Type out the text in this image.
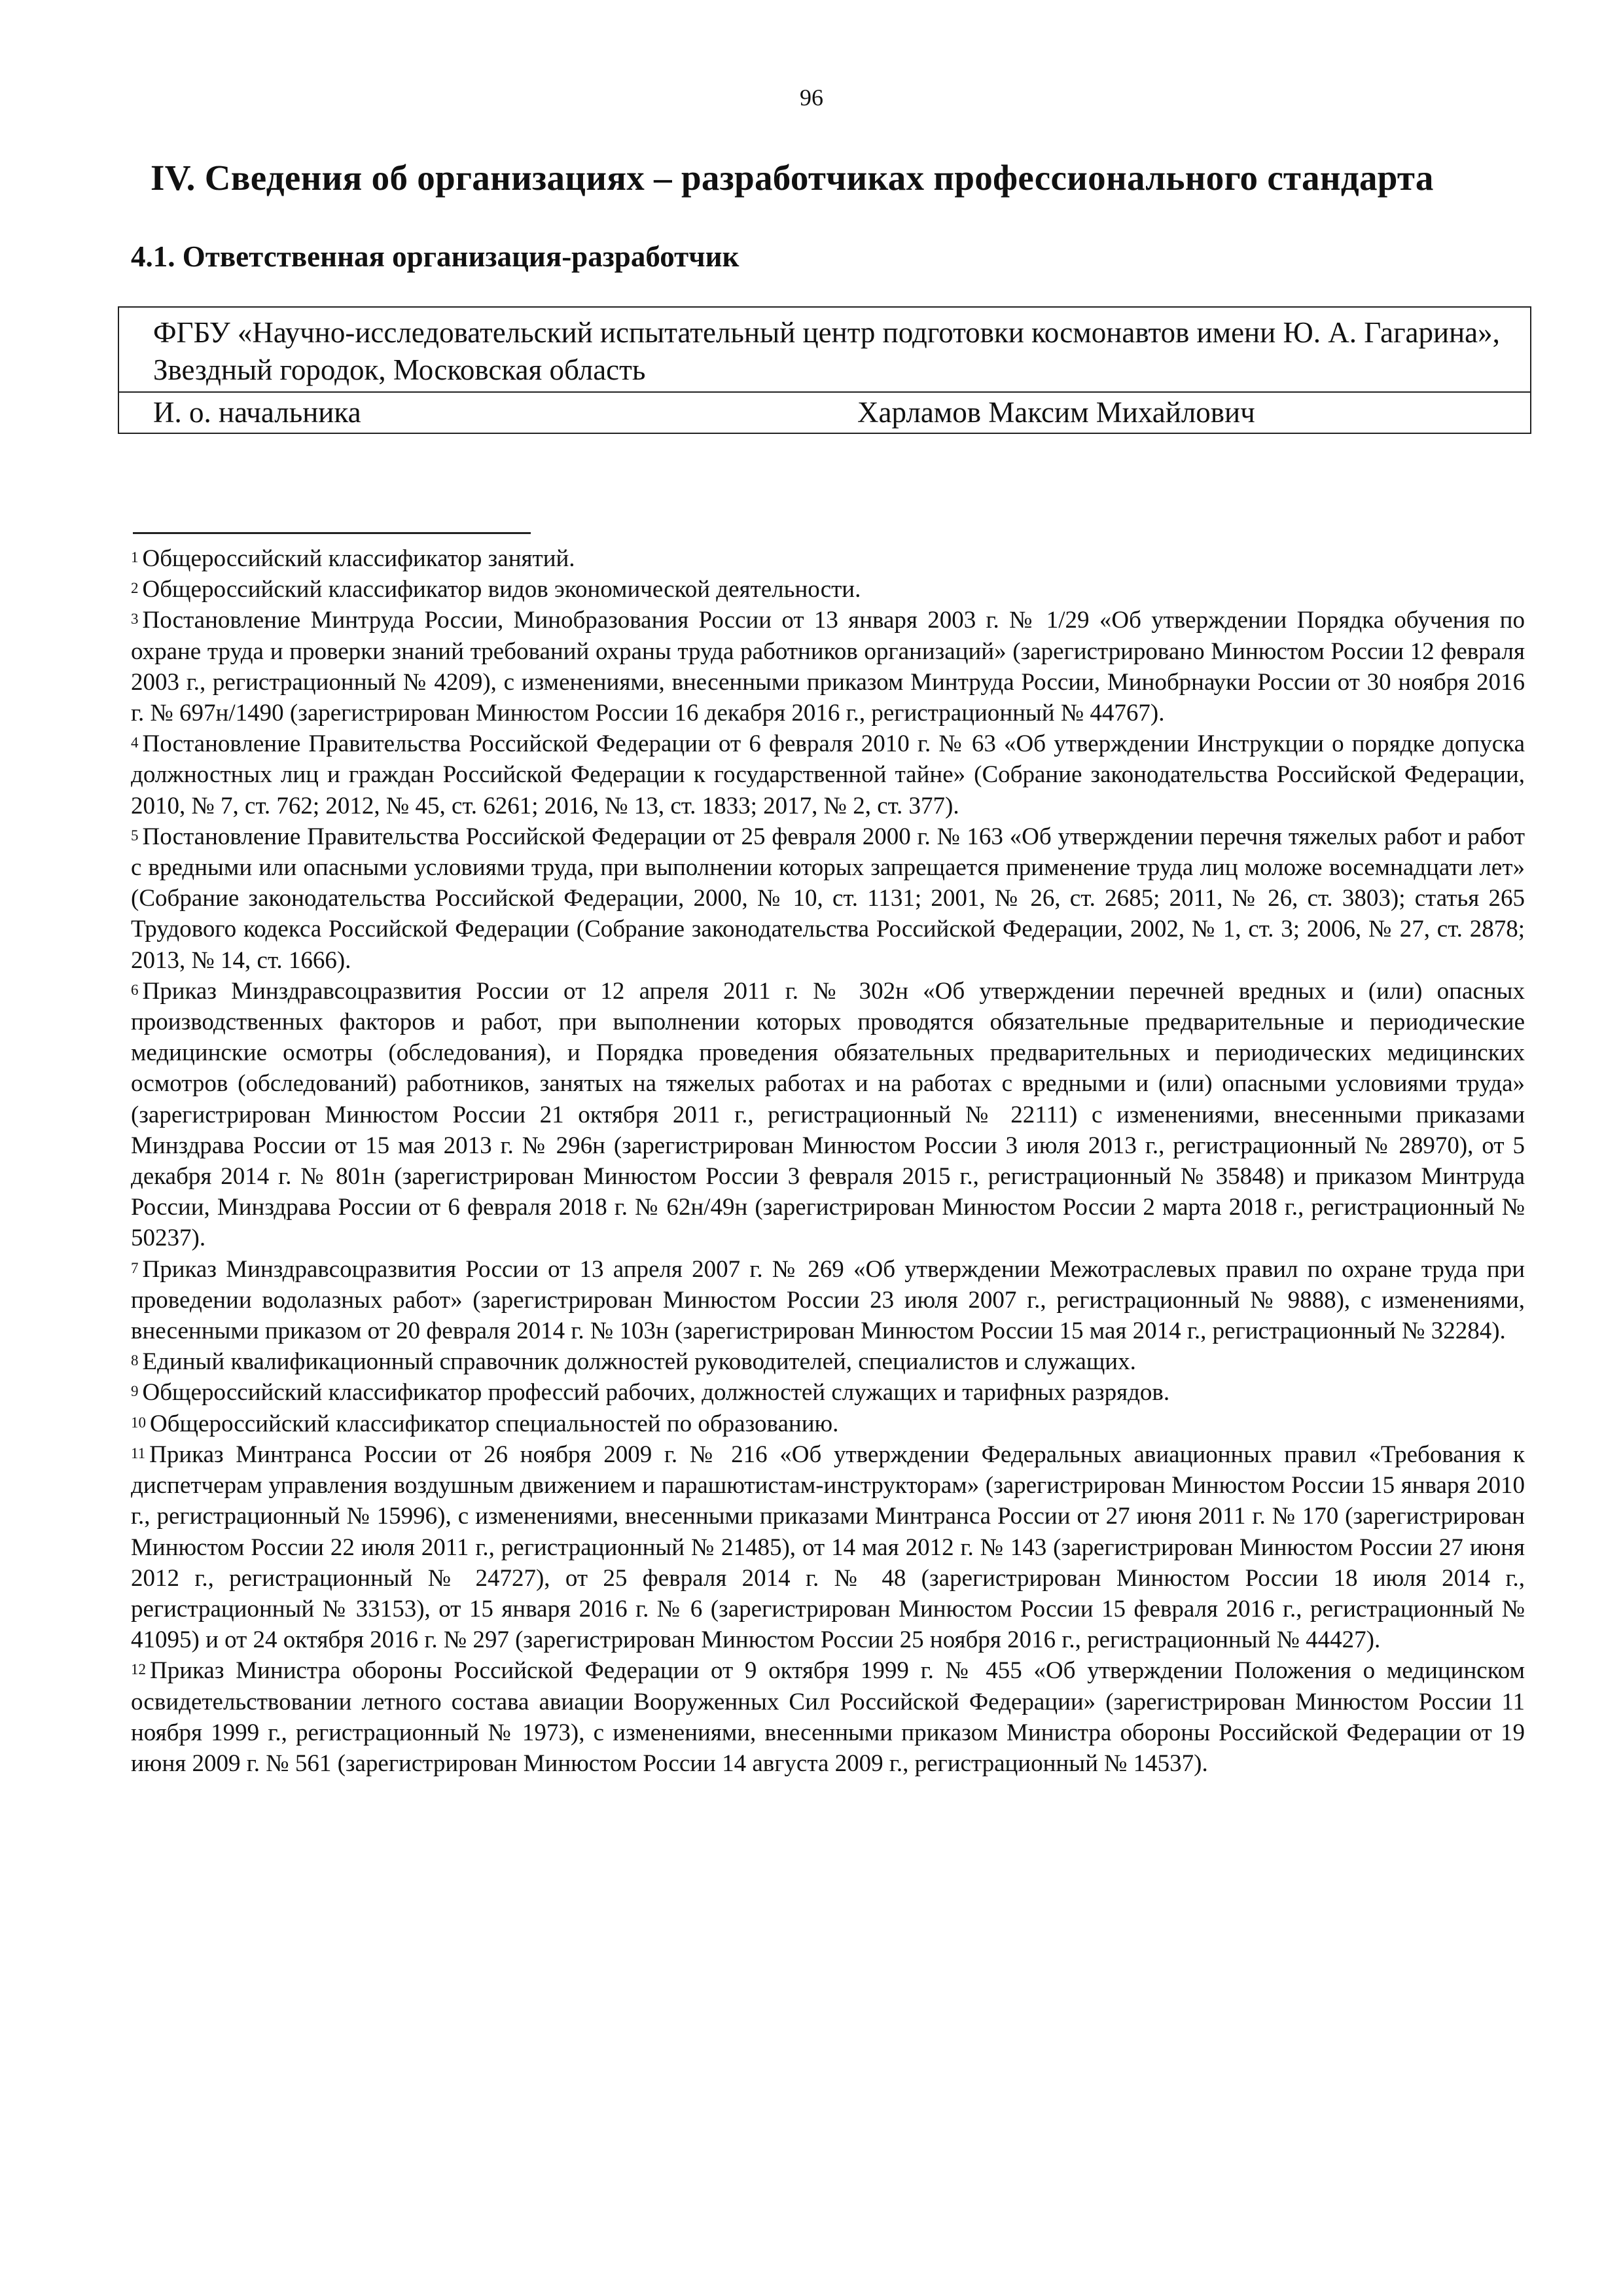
96
IV. Сведения об организациях – разработчиках профессионального стандарта
4.1. Ответственная организация-разработчик
ФГБУ «Научно-исследовательский испытательный центр подготовки космонавтов имени Ю. А. Гагарина», Звездный городок, Московская область
И. о. начальника	Харламов Максим Михайлович

$^1$ Общероссийский классификатор занятий.

$^2$ Общероссийский классификатор видов экономической деятельности.

$^3$ Постановление Минтруда России, Минобразования России от 13 января 2003 г. № 1/29 «Об утверждении Порядка обучения по охране труда и проверки знаний требований охраны труда работников организаций» (зарегистрировано Минюстом России 12 февраля 2003 г., регистрационный № 4209), с изменениями, внесенными приказом Минтруда России, Минобрнауки России от 30 ноября 2016 г. № 697н/1490 (зарегистрирован Минюстом России 16 декабря 2016 г., регистрационный № 44767).

$^4$ Постановление Правительства Российской Федерации от 6 февраля 2010 г. № 63 «Об утверждении Инструкции о порядке допуска должностных лиц и граждан Российской Федерации к государственной тайне» (Собрание законодательства Российской Федерации, 2010, № 7, ст. 762; 2012, № 45, ст. 6261; 2016, № 13, ст. 1833; 2017, № 2, ст. 377).

$^5$ Постановление Правительства Российской Федерации от 25 февраля 2000 г. № 163 «Об утверждении перечня тяжелых работ и работ с вредными или опасными условиями труда, при выполнении которых запрещается применение труда лиц моложе восемнадцати лет» (Собрание законодательства Российской Федерации, 2000, № 10, ст. 1131; 2001, № 26, ст. 2685; 2011, № 26, ст. 3803); статья 265 Трудового кодекса Российской Федерации (Собрание законодательства Российской Федерации, 2002, № 1, ст. 3; 2006, № 27, ст. 2878; 2013, № 14, ст. 1666).

$^6$ Приказ Минздравсоцразвития России от 12 апреля 2011 г. № 302н «Об утверждении перечней вредных и (или) опасных производственных факторов и работ, при выполнении которых проводятся обязательные предварительные и периодические медицинские осмотры (обследования), и Порядка проведения обязательных предварительных и периодических медицинских осмотров (обследований) работников, занятых на тяжелых работах и на работах с вредными и (или) опасными условиями труда» (зарегистрирован Минюстом России 21 октября 2011 г., регистрационный № 22111) с изменениями, внесенными приказами Минздрава России от 15 мая 2013 г. № 296н (зарегистрирован Минюстом России 3 июля 2013 г., регистрационный № 28970), от 5 декабря 2014 г. № 801н (зарегистрирован Минюстом России 3 февраля 2015 г., регистрационный № 35848) и приказом Минтруда России, Минздрава России от 6 февраля 2018 г. № 62н/49н (зарегистрирован Минюстом России 2 марта 2018 г., регистрационный № 50237).

$^7$ Приказ Минздравсоцразвития России от 13 апреля 2007 г. № 269 «Об утверждении Межотраслевых правил по охране труда при проведении водолазных работ» (зарегистрирован Минюстом России 23 июля 2007 г., регистрационный № 9888), с изменениями, внесенными приказом от 20 февраля 2014 г. № 103н (зарегистрирован Минюстом России 15 мая 2014 г., регистрационный № 32284).

$^8$ Единый квалификационный справочник должностей руководителей, специалистов и служащих.

$^9$ Общероссийский классификатор профессий рабочих, должностей служащих и тарифных разрядов.

$^{10}$ Общероссийский классификатор специальностей по образованию.

$^{11}$ Приказ Минтранса России от 26 ноября 2009 г. № 216 «Об утверждении Федеральных авиационных правил «Требования к диспетчерам управления воздушным движением и парашютистам-инструкторам» (зарегистрирован Минюстом России 15 января 2010 г., регистрационный № 15996), с изменениями, внесенными приказами Минтранса России от 27 июня 2011 г. № 170 (зарегистрирован Минюстом России 22 июля 2011 г., регистрационный № 21485), от 14 мая 2012 г. № 143 (зарегистрирован Минюстом России 27 июня 2012 г., регистрационный № 24727), от 25 февраля 2014 г. № 48 (зарегистрирован Минюстом России 18 июля 2014 г., регистрационный № 33153), от 15 января 2016 г. № 6 (зарегистрирован Минюстом России 15 февраля 2016 г., регистрационный № 41095) и от 24 октября 2016 г. № 297 (зарегистрирован Минюстом России 25 ноября 2016 г., регистрационный № 44427).

$^{12}$ Приказ Министра обороны Российской Федерации от 9 октября 1999 г. № 455 «Об утверждении Положения о медицинском освидетельствовании летного состава авиации Вооруженных Сил Российской Федерации» (зарегистрирован Минюстом России 11 ноября 1999 г., регистрационный № 1973), с изменениями, внесенными приказом Министра обороны Российской Федерации от 19 июня 2009 г. № 561 (зарегистрирован Минюстом России 14 августа 2009 г., регистрационный № 14537).
